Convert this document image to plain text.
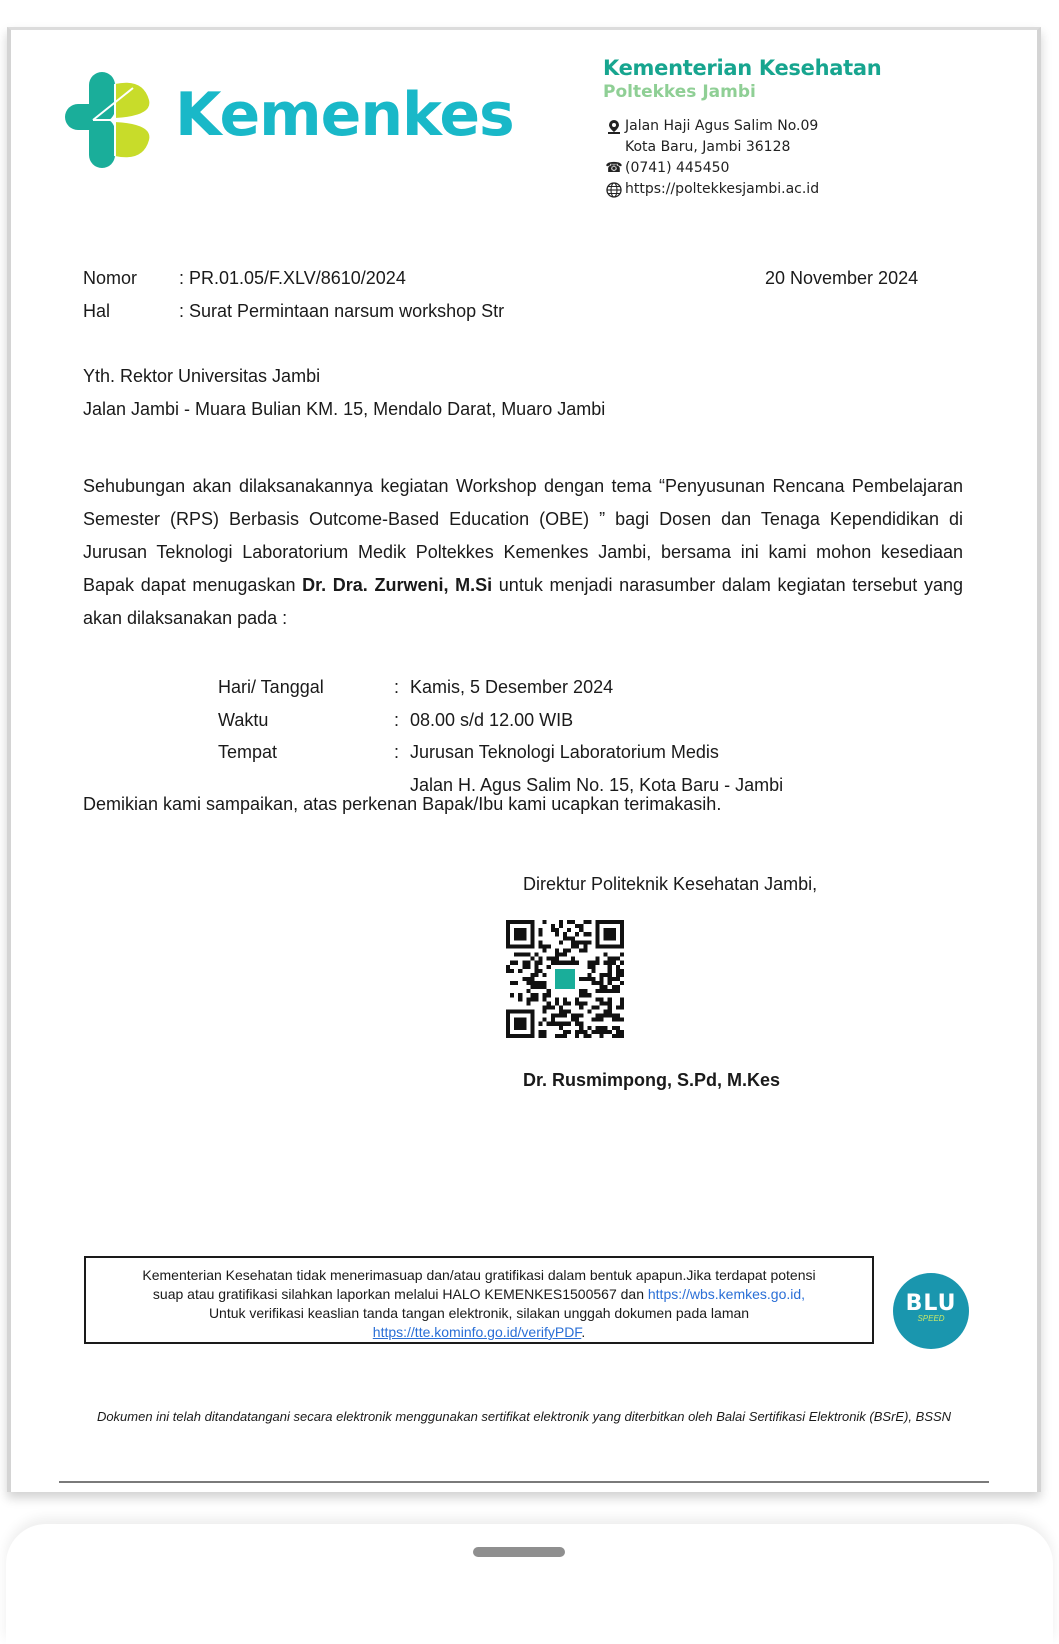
Kemenkes
Kementerian Kesehatan
Poltekkes Jambi
Jalan Haji Agus Salim No.09
Kota Baru, Jambi 36128
☎ (0741) 445450
https://poltekkesjambi.ac.id
Nomor : PR.01.05/F.XLV/8610/2024	20 November 2024
Hal	: Surat Permintaan narsum workshop Str
Yth. Rektor Universitas Jambi
Jalan Jambi - Muara Bulian KM. 15, Mendalo Darat, Muaro Jambi
Sehubungan akan dilaksanakannya kegiatan Workshop dengan tema “Penyusunan Rencana Pembelajaran Semester (RPS) Berbasis Outcome-Based Education (OBE) ” bagi Dosen dan Tenaga Kependidikan di Jurusan Teknologi Laboratorium Medik Poltekkes Kemenkes Jambi, bersama ini kami mohon kesediaan Bapak dapat menugaskan Dr. Dra. Zurweni, M.Si untuk menjadi narasumber dalam kegiatan tersebut yang akan dilaksanakan pada :
Hari/ Tanggal	: Kamis, 5 Desember 2024
Waktu	: 08.00 s/d 12.00 WIB
Tempat	: Jurusan Teknologi Laboratorium Medis
Jalan H. Agus Salim No. 15, Kota Baru - Jambi
Demikian kami sampaikan, atas perkenan Bapak/Ibu kami ucapkan terimakasih.
Direktur Politeknik Kesehatan Jambi,
Dr. Rusmimpong, S.Pd, M.Kes
Kementerian Kesehatan tidak menerimasuap dan/atau gratifikasi dalam bentuk apapun.Jika terdapat potensi
suap atau gratifikasi silahkan laporkan melalui HALO KEMENKES1500567 dan https://wbs.kemkes.go.id,
Untuk verifikasi keaslian tanda tangan elektronik, silakan unggah dokumen pada laman
https://tte.kominfo.go.id/verifyPDF.
BLU
SPEED
Dokumen ini telah ditandatangani secara elektronik menggunakan sertifikat elektronik yang diterbitkan oleh Balai Sertifikasi Elektronik (BSrE), BSSN
